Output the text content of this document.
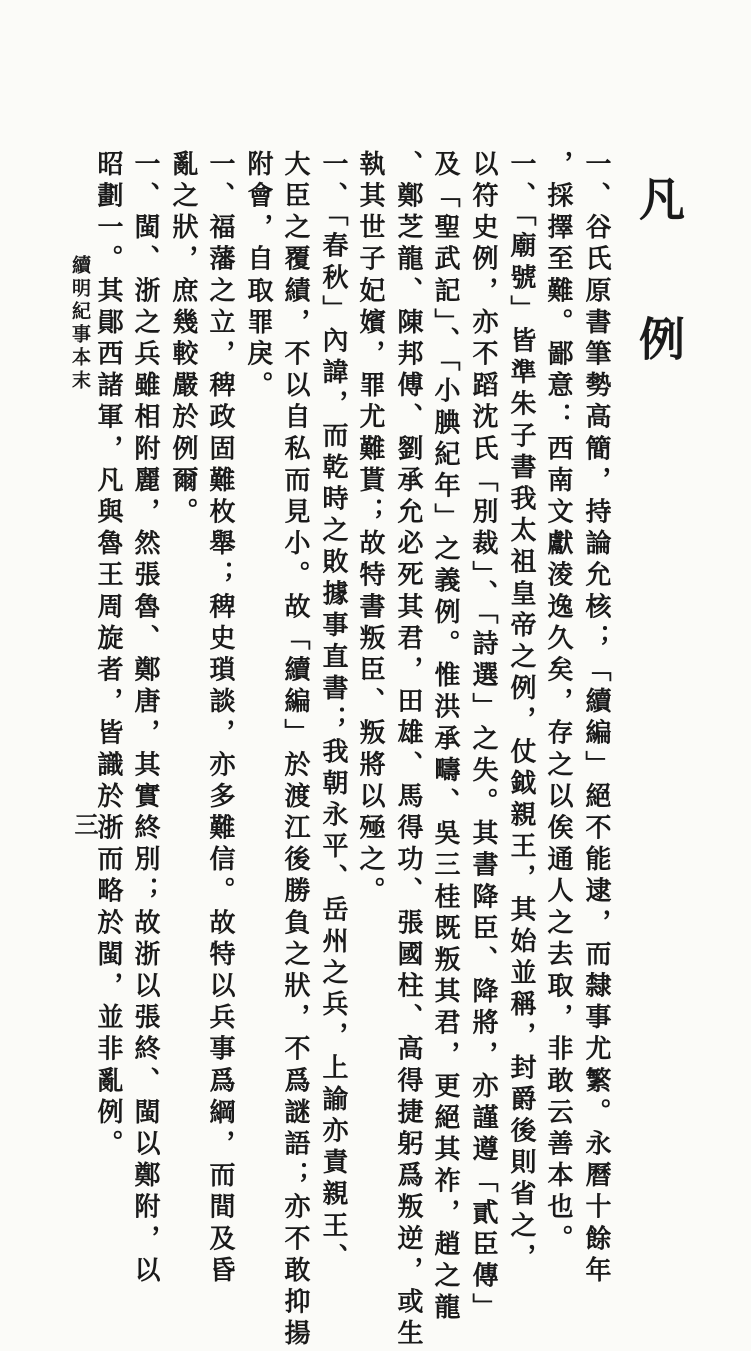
凡　例
一、谷氏原書筆勢高簡，持論允核；「續編」絕不能逮，而隸事尤繁。永曆十餘年
，採擇至難。鄙意：西南文獻淩逸久矣，存之以俟通人之去取，非敢云善本也。
一、「廟號」皆準朱子書我太祖皇帝之例，仗鉞親王，其始並稱，封爵後則省之，
以符史例，亦不蹈沈氏「別裁」、「詩選」之失。其書降臣、降將，亦謹遵「貳臣傳」
及「聖武記」、「小腆紀年」之義例。惟洪承疇、吳三桂既叛其君，更絕其祚，趙之龍
、鄭芝龍、陳邦傅、劉承允必死其君，田雄、馬得功、張國柱、高得捷躬爲叛逆，或生
執其世子妃嬪，罪尤難貰；故特書叛臣、叛將以殛之。
一、「春秋」內諱，而乾時之敗據事直書；我朝永平、岳州之兵，上諭亦責親王、
大臣之覆績，不以自私而見小。故「續編」於渡江後勝負之狀，不爲謎語；亦不敢抑揚
附會，自取罪戾。
一、福藩之立，稗政固難枚舉；稗史瑣談，亦多難信。故特以兵事爲綱，而間及昏
亂之狀，庶幾較嚴於例爾。
一、閩、浙之兵雖相附麗，然張魯、鄭唐，其實終別；故浙以張終、閩以鄭附，以
昭劃一。其鄖西諸軍，凡與魯王周旋者，皆識於浙而略於閩，並非亂例。
續明紀事本末
三
